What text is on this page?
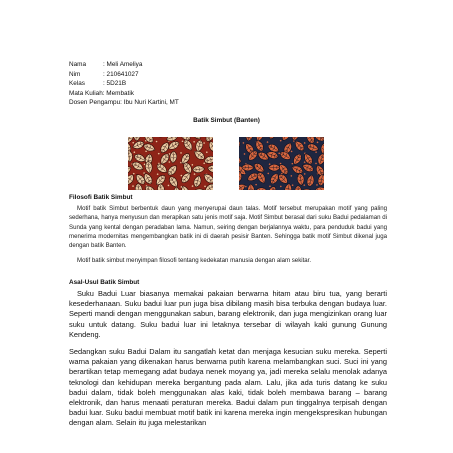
Nama	: Meli Ameliya
Nim	: 210641027
Kelas	: 5D21B
Mata Kuliah : Membatik
Dosen Pengampu : Ibu Nuri Kartini, MT
Batik Simbut (Banten)
Filosofi Batik Simbut
Motif batik Simbut berbentuk daun yang menyerupai daun talas. Motif tersebut merupakan motif yang paling sederhana, hanya menyusun dan merapikan satu jenis motif saja. Motif Simbut berasal dari suku Badui pedalaman di Sunda yang kental dengan peradaban lama. Namun, seiring dengan berjalannya waktu, para penduduk badui yang menerima modernitas mengembangkan batik ini di daerah pesisir Banten. Sehingga batik motif Simbut dikenal juga dengan batik Banten.
Motif batik simbut menyimpan filosofi tentang kedekatan manusia dengan alam sekitar.
Asal-Usul Batik Simbut
Suku Badui Luar biasanya memakai pakaian berwarna hitam atau biru tua, yang berarti kesederhanaan. Suku badui luar pun juga bisa dibilang masih bisa terbuka dengan budaya luar. Seperti mandi dengan menggunakan sabun, barang elektronik, dan juga mengizinkan orang luar suku untuk datang. Suku badui luar ini letaknya tersebar di wilayah kaki gunung Gunung Kendeng.
Sedangkan suku Badui Dalam itu sangatlah ketat dan menjaga kesucian suku mereka. Seperti warna pakaian yang dikenakan harus berwarna putih karena melambangkan suci. Suci ini yang berartikan tetap memegang adat budaya nenek moyang ya, jadi mereka selalu menolak adanya teknologi dan kehidupan mereka bergantung pada alam. Lalu, jika ada turis datang ke suku badui dalam, tidak boleh menggunakan alas kaki, tidak boleh membawa barang – barang elektronik, dan harus menaati peraturan mereka. Badui dalam pun tinggalnya terpisah dengan badui luar. Suku badui membuat motif batik ini karena mereka ingin mengekspresikan hubungan dengan alam. Selain itu juga melestarikan
